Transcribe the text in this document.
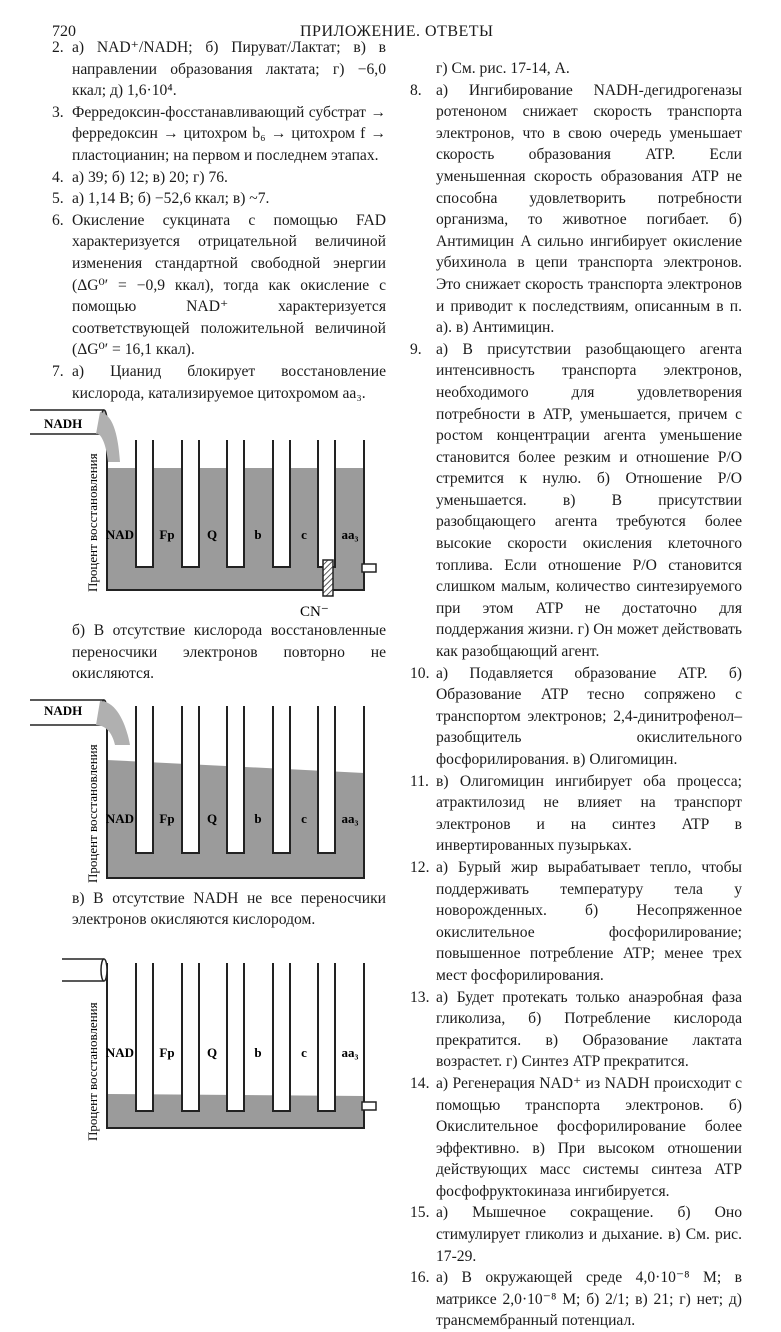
720	ПРИЛОЖЕНИЕ. ОТВЕТЫ
2. а) NAD⁺/NADH; б) Пируват/Лактат; в) в направлении образования лактата; г) −6,0 ккал; д) 1,6·10⁴.
3. Ферредоксин-фосстанавливающий субстрат → ферредоксин → цитохром b₆ → цитохром f → пластоцианин; на первом и последнем этапах.
4. а) 39; б) 12; в) 20; г) 76.
5. а) 1,14 В; б) −52,6 ккал; в) ~7.
6. Окисление сукцината с помощью FAD характеризуется отрицательной величиной изменения стандартной свободной энергии (ΔG⁰′ = −0,9 ккал), тогда как окисление с помощью NAD⁺ характеризуется соответствующей положительной величиной (ΔG⁰′ = 16,1 ккал).
7. а) Цианид блокирует восстановление кислорода, катализируемое цитохромом aa₃.
NADH
CN⁻
Процент восстановления NAD Fp Q	b	c	aa₃
б) В отсутствие кислорода восстановленные переносчики электронов повторно не окисляются.
NADH
Процент восстановления NAD Fp Q	b	c	aa₃
в) В отсутствие NADH не все переносчики электронов окисляются кислородом.
Процент восстановления NAD Fp Q	b	c	aa₃
г) См. рис. 17-14, A.
8. а) Ингибирование NADH-дегидрогеназы ротеноном снижает скорость транспорта электронов, что в свою очередь уменьшает скорость образования ATP. Если уменьшенная скорость образования ATP не способна удовлетворить потребности организма, то животное погибает. б) Антимицин A сильно ингибирует окисление убихинола в цепи транспорта электронов. Это снижает скорость транспорта электронов и приводит к последствиям, описанным в п. а). в) Антимицин.
9. а) В присутствии разобщающего агента интенсивность транспорта электронов, необходимого для удовлетворения потребности в ATP, уменьшается, причем с ростом концентрации агента уменьшение становится более резким и отношение P/O стремится к нулю. б) Отношение P/O уменьшается. в) В присутствии разобщающего агента требуются более высокие скорости окисления клеточного топлива. Если отношение P/O становится слишком малым, количество синтезируемого при этом ATP не достаточно для поддержания жизни. г) Он может действовать как разобщающий агент.
10. а) Подавляется образование ATP. б) Образование ATP тесно сопряжено с транспортом электронов; 2,4-динитрофенол–разобщитель окислительного фосфорилирования. в) Олигомицин.
11. в) Олигомицин ингибирует оба процесса; атрактилозид не влияет на транспорт электронов и на синтез ATP в инвертированных пузырьках.
12. а) Бурый жир вырабатывает тепло, чтобы поддерживать температуру тела у новорожденных. б) Несопряженное окислительное фосфорилирование; повышенное потребление ATP; менее трех мест фосфорилирования.
13. а) Будет протекать только анаэробная фаза гликолиза, б) Потребление кислорода прекратится. в) Образование лактата возрастет. г) Синтез ATP прекратится.
14. а) Регенерация NAD⁺ из NADH происходит с помощью транспорта электронов. б) Окислительное фосфорилирование более эффективно. в) При высоком отношении действующих масс системы синтеза ATP фосфофруктокиназа ингибируется.
15. а) Мышечное сокращение. б) Оно стимулирует гликолиз и дыхание. в) См. рис. 17-29.
16. а) В окружающей среде 4,0·10⁻⁸ M; в матриксе 2,0·10⁻⁸ M; б) 2/1; в) 21; г) нет; д) трансмембранный потенциал.
